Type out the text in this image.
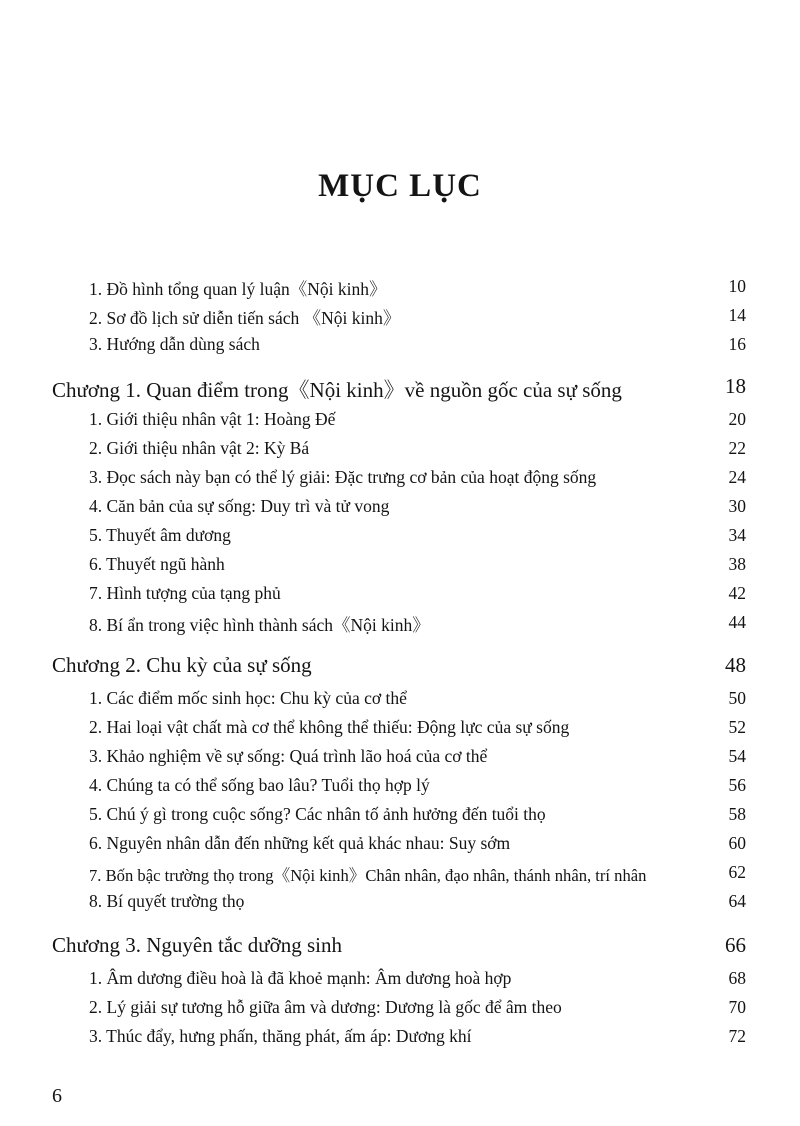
MỤC LỤC
1. Đồ hình tổng quan lý luận《Nội kinh》	10
2. Sơ đồ lịch sử diễn tiến sách 《Nội kinh》	14
3. Hướng dẫn dùng sách	16
Chương 1. Quan điểm trong《Nội kinh》về nguồn gốc của sự sống	18
1. Giới thiệu nhân vật 1: Hoàng Đế	20
2. Giới thiệu nhân vật 2: Kỳ Bá	22
3. Đọc sách này bạn có thể lý giải: Đặc trưng cơ bản của hoạt động sống	24
4. Căn bản của sự sống: Duy trì và tử vong	30
5. Thuyết âm dương	34
6. Thuyết ngũ hành	38
7. Hình tượng của tạng phủ	42
8. Bí ẩn trong việc hình thành sách《Nội kinh》	44
Chương 2. Chu kỳ của sự sống	48
1. Các điểm mốc sinh học: Chu kỳ của cơ thể	50
2. Hai loại vật chất mà cơ thể không thể thiếu: Động lực của sự sống	52
3. Khảo nghiệm về sự sống: Quá trình lão hoá của cơ thể	54
4. Chúng ta có thể sống bao lâu? Tuổi thọ hợp lý	56
5. Chú ý gì trong cuộc sống? Các nhân tố ảnh hưởng đến tuổi thọ	58
6. Nguyên nhân dẫn đến những kết quả khác nhau: Suy sớm	60
7. Bốn bậc trường thọ trong《Nội kinh》Chân nhân, đạo nhân, thánh nhân, trí nhân	62
8. Bí quyết trường thọ	64
Chương 3. Nguyên tắc dưỡng sinh	66
1. Âm dương điều hoà là đã khoẻ mạnh: Âm dương hoà hợp	68
2. Lý giải sự tương hỗ giữa âm và dương: Dương là gốc để âm theo	70
3. Thúc đẩy, hưng phấn, thăng phát, ấm áp: Dương khí	72
6
